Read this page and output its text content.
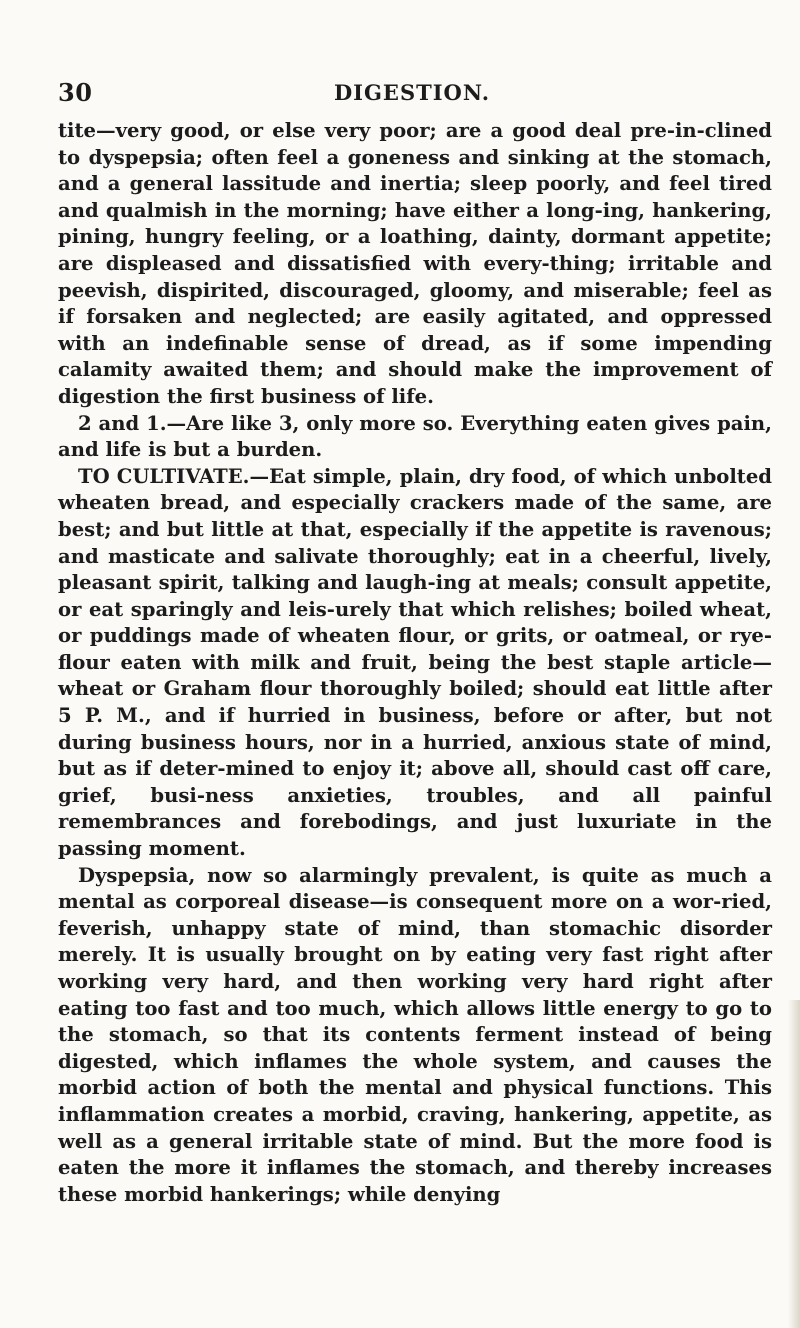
30	DIGESTION.

tite—very good, or else very poor; are a good deal pre-in-clined to dyspepsia; often feel a goneness and sinking at the stomach, and a general lassitude and inertia; sleep poorly, and feel tired and qualmish in the morning; have either a long-ing, hankering, pining, hungry feeling, or a loathing, dainty, dormant appetite; are displeased and dissatisfied with every-thing; irritable and peevish, dispirited, discouraged, gloomy, and miserable; feel as if forsaken and neglected; are easily agitated, and oppressed with an indefinable sense of dread, as if some impending calamity awaited them; and should make the improvement of digestion the first business of life.

2 and 1.—Are like 3, only more so. Everything eaten gives pain, and life is but a burden.

TO CULTIVATE.—Eat simple, plain, dry food, of which unbolted wheaten bread, and especially crackers made of the same, are best; and but little at that, especially if the appetite is ravenous; and masticate and salivate thoroughly; eat in a cheerful, lively, pleasant spirit, talking and laugh-ing at meals; consult appetite, or eat sparingly and leis-urely that which relishes; boiled wheat, or puddings made of wheaten flour, or grits, or oatmeal, or rye-flour eaten with milk and fruit, being the best staple article—wheat or Graham flour thoroughly boiled; should eat little after 5 P. M., and if hurried in business, before or after, but not during business hours, nor in a hurried, anxious state of mind, but as if deter-mined to enjoy it; above all, should cast off care, grief, busi-ness anxieties, troubles, and all painful remembrances and forebodings, and just luxuriate in the passing moment.

Dyspepsia, now so alarmingly prevalent, is quite as much a mental as corporeal disease—is consequent more on a wor-ried, feverish, unhappy state of mind, than stomachic disorder merely. It is usually brought on by eating very fast right after working very hard, and then working very hard right after eating too fast and too much, which allows little energy to go to the stomach, so that its contents ferment instead of being digested, which inflames the whole system, and causes the morbid action of both the mental and physical functions. This inflammation creates a morbid, craving, hankering, appetite, as well as a general irritable state of mind. But the more food is eaten the more it inflames the stomach, and thereby increases these morbid hankerings; while denying
